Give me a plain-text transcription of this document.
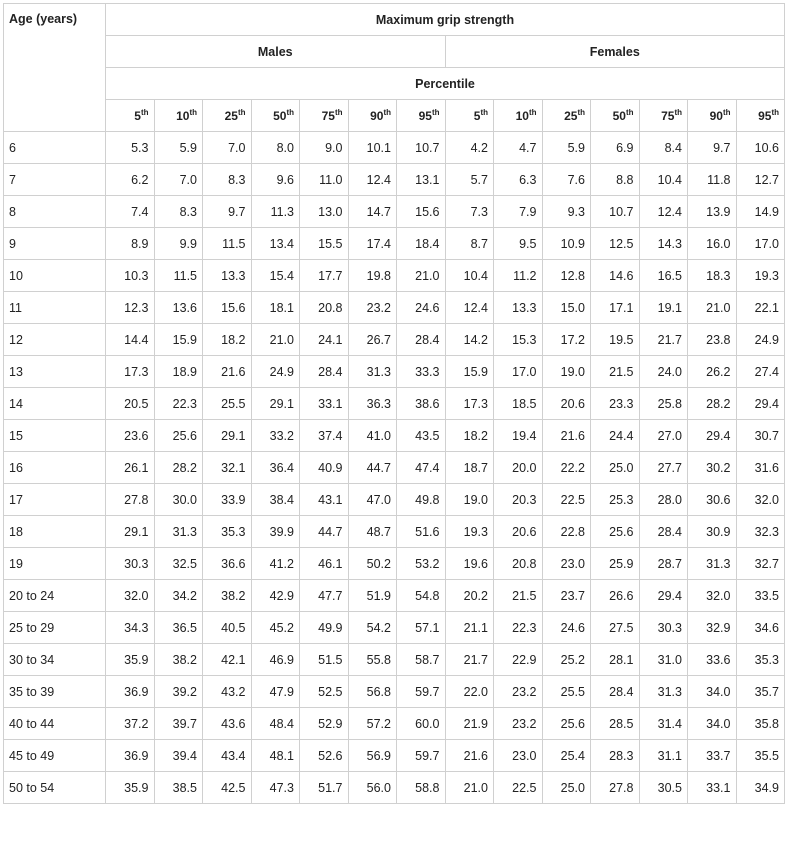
Age (years)	Maximum grip strength													
	Males							Females						
	Percentile													
	5th	10th	25th	50th	75th	90th	95th	5th	10th	25th	50th	75th	90th	95th
6	5.3	5.9	7.0	8.0	9.0	10.1	10.7	4.2	4.7	5.9	6.9	8.4	9.7	10.6
7	6.2	7.0	8.3	9.6	11.0	12.4	13.1	5.7	6.3	7.6	8.8	10.4	11.8	12.7
8	7.4	8.3	9.7	11.3	13.0	14.7	15.6	7.3	7.9	9.3	10.7	12.4	13.9	14.9
9	8.9	9.9	11.5	13.4	15.5	17.4	18.4	8.7	9.5	10.9	12.5	14.3	16.0	17.0
10	10.3	11.5	13.3	15.4	17.7	19.8	21.0	10.4	11.2	12.8	14.6	16.5	18.3	19.3
11	12.3	13.6	15.6	18.1	20.8	23.2	24.6	12.4	13.3	15.0	17.1	19.1	21.0	22.1
12	14.4	15.9	18.2	21.0	24.1	26.7	28.4	14.2	15.3	17.2	19.5	21.7	23.8	24.9
13	17.3	18.9	21.6	24.9	28.4	31.3	33.3	15.9	17.0	19.0	21.5	24.0	26.2	27.4
14	20.5	22.3	25.5	29.1	33.1	36.3	38.6	17.3	18.5	20.6	23.3	25.8	28.2	29.4
15	23.6	25.6	29.1	33.2	37.4	41.0	43.5	18.2	19.4	21.6	24.4	27.0	29.4	30.7
16	26.1	28.2	32.1	36.4	40.9	44.7	47.4	18.7	20.0	22.2	25.0	27.7	30.2	31.6
17	27.8	30.0	33.9	38.4	43.1	47.0	49.8	19.0	20.3	22.5	25.3	28.0	30.6	32.0
18	29.1	31.3	35.3	39.9	44.7	48.7	51.6	19.3	20.6	22.8	25.6	28.4	30.9	32.3
19	30.3	32.5	36.6	41.2	46.1	50.2	53.2	19.6	20.8	23.0	25.9	28.7	31.3	32.7
20 to 24	32.0	34.2	38.2	42.9	47.7	51.9	54.8	20.2	21.5	23.7	26.6	29.4	32.0	33.5
25 to 29	34.3	36.5	40.5	45.2	49.9	54.2	57.1	21.1	22.3	24.6	27.5	30.3	32.9	34.6
30 to 34	35.9	38.2	42.1	46.9	51.5	55.8	58.7	21.7	22.9	25.2	28.1	31.0	33.6	35.3
35 to 39	36.9	39.2	43.2	47.9	52.5	56.8	59.7	22.0	23.2	25.5	28.4	31.3	34.0	35.7
40 to 44	37.2	39.7	43.6	48.4	52.9	57.2	60.0	21.9	23.2	25.6	28.5	31.4	34.0	35.8
45 to 49	36.9	39.4	43.4	48.1	52.6	56.9	59.7	21.6	23.0	25.4	28.3	31.1	33.7	35.5
50 to 54	35.9	38.5	42.5	47.3	51.7	56.0	58.8	21.0	22.5	25.0	27.8	30.5	33.1	34.9
